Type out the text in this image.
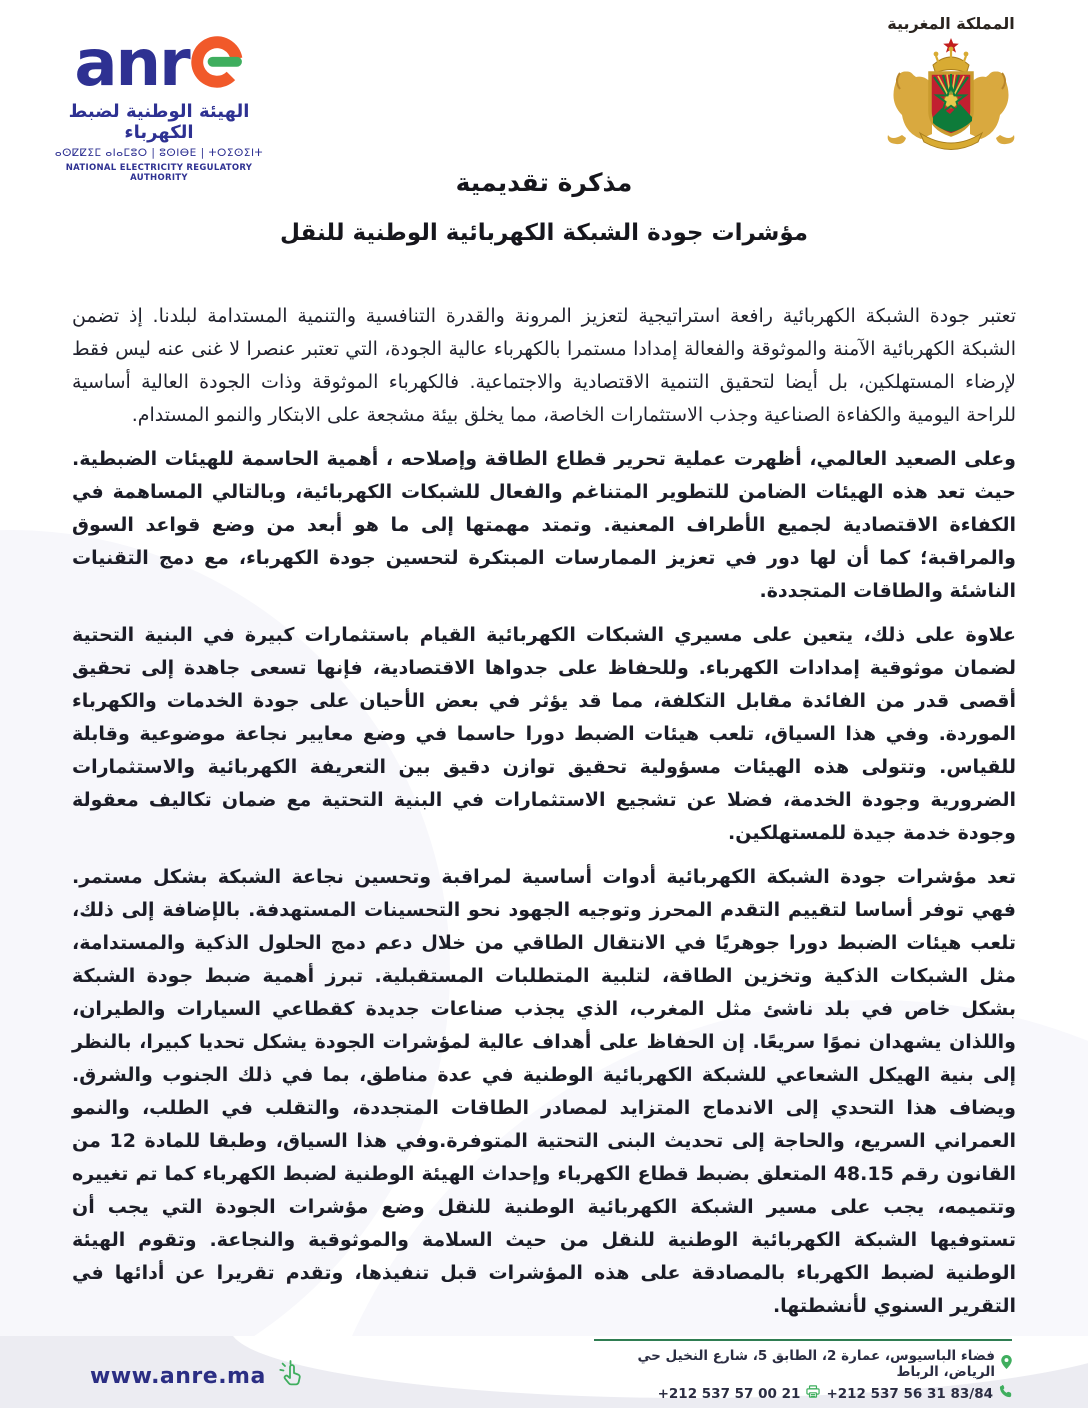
anr
الهيئة الوطنية لضبط الكهرباء
ⴰⵙⵇⵇⵉⵎ ⴰⵏⴰⵎⵓⵔ | ⵓⵙⵏⴱⴹ | ⵜⵔⵉⵙⵉⵏⵜ
NATIONAL ELECTRICITY REGULATORY AUTHORITY
المملكة المغربية
مذكرة تقديمية
مؤشرات جودة الشبكة الكهربائية الوطنية للنقل

تعتبر جودة الشبكة الكهربائية رافعة استراتيجية لتعزيز المرونة والقدرة التنافسية والتنمية المستدامة لبلدنا. إذ تضمن الشبكة الكهربائية الآمنة والموثوقة والفعالة إمدادا مستمرا بالكهرباء عالية الجودة، التي تعتبر عنصرا لا غنى عنه ليس فقط لإرضاء المستهلكين، بل أيضا لتحقيق التنمية الاقتصادية والاجتماعية. فالكهرباء الموثوقة وذات الجودة العالية أساسية للراحة اليومية والكفاءة الصناعية وجذب الاستثمارات الخاصة، مما يخلق بيئة مشجعة على الابتكار والنمو المستدام.

وعلى الصعيد العالمي، أظهرت عملية تحرير قطاع الطاقة وإصلاحه ، أهمية الحاسمة للهيئات الضبطية. حيث تعد هذه الهيئات الضامن للتطوير المتناغم والفعال للشبكات الكهربائية، وبالتالي المساهمة في الكفاءة الاقتصادية لجميع الأطراف المعنية. وتمتد مهمتها إلى ما هو أبعد من وضع قواعد السوق والمراقبة؛ كما أن لها دور في تعزيز الممارسات المبتكرة لتحسين جودة الكهرباء، مع دمج التقنيات الناشئة والطاقات المتجددة.

علاوة على ذلك، يتعين على مسيري الشبكات الكهربائية القيام باستثمارات كبيرة في البنية التحتية لضمان موثوقية إمدادات الكهرباء. وللحفاظ على جدواها الاقتصادية، فإنها تسعى جاهدة إلى تحقيق أقصى قدر من الفائدة مقابل التكلفة، مما قد يؤثر في بعض الأحيان على جودة الخدمات والكهرباء الموردة. وفي هذا السياق، تلعب هيئات الضبط دورا حاسما في وضع معايير نجاعة موضوعية وقابلة للقياس. وتتولى هذه الهيئات مسؤولية تحقيق توازن دقيق بين التعريفة الكهربائية والاستثمارات الضرورية وجودة الخدمة، فضلا عن تشجيع الاستثمارات في البنية التحتية مع ضمان تكاليف معقولة وجودة خدمة جيدة للمستهلكين.

تعد مؤشرات جودة الشبكة الكهربائية أدوات أساسية لمراقبة وتحسين نجاعة الشبكة بشكل مستمر. فهي توفر أساسا لتقييم التقدم المحرز وتوجيه الجهود نحو التحسينات المستهدفة. بالإضافة إلى ذلك، تلعب هيئات الضبط دورا جوهريًا في الانتقال الطاقي من خلال دعم دمج الحلول الذكية والمستدامة، مثل الشبكات الذكية وتخزين الطاقة، لتلبية المتطلبات المستقبلية. تبرز أهمية ضبط جودة الشبكة بشكل خاص في بلد ناشئ مثل المغرب، الذي يجذب صناعات جديدة كقطاعي السيارات والطيران، واللذان يشهدان نموًا سريعًا. إن الحفاظ على أهداف عالية لمؤشرات الجودة يشكل تحديا كبيرا، بالنظر إلى بنية الهيكل الشعاعي للشبكة الكهربائية الوطنية في عدة مناطق، بما في ذلك الجنوب والشرق. ويضاف هذا التحدي إلى الاندماج المتزايد لمصادر الطاقات المتجددة، والتقلب في الطلب، والنمو العمراني السريع، والحاجة إلى تحديث البنى التحتية المتوفرة.وفي هذا السياق، وطبقا للمادة 12 من القانون رقم 48.15 المتعلق بضبط قطاع الكهرباء وإحداث الهيئة الوطنية لضبط الكهرباء كما تم تغييره وتتميمه، يجب على مسير الشبكة الكهربائية الوطنية للنقل وضع مؤشرات الجودة التي يجب أن تستوفيها الشبكة الكهربائية الوطنية للنقل من حيث السلامة والموثوقية والنجاعة. وتقوم الهيئة الوطنية لضبط الكهرباء بالمصادقة على هذه المؤشرات قبل تنفيذها، وتقدم تقريرا عن أدائها في التقرير السنوي لأنشطتها.

www.anre.ma
فضاء الباسيوس، عمارة 2، الطابق 5، شارع النخيل حي الرياض، الرباط
+212 537 56 31 83/84
+212 537 57 00 21
